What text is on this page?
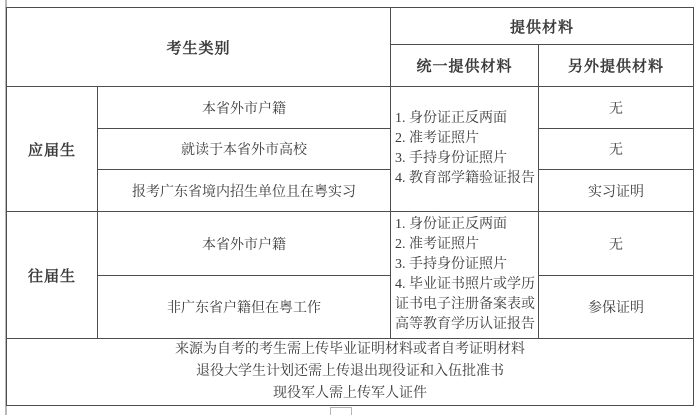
考生类别		提供材料	
		统一提供材料	另外提供材料
应届生	本省外市户籍	1. 身份证正反两面
2. 准考证照片
3. 手持身份证照片
4. 教育部学籍验证报告	无
	就读于本省外市高校		无
	报考广东省境内招生单位且在粤实习		实习证明
往届生	本省外市户籍	1. 身份证正反两面
2. 准考证照片
3. 手持身份证照片
4. 毕业证书照片或学历证书电子注册备案表或高等教育学历认证报告	无
	非广东省户籍但在粤工作		参保证明

来源为自考的考生需上传毕业证明材料或者自考证明材料
退役大学生计划还需上传退出现役证和入伍批准书
现役军人需上传军人证件			
